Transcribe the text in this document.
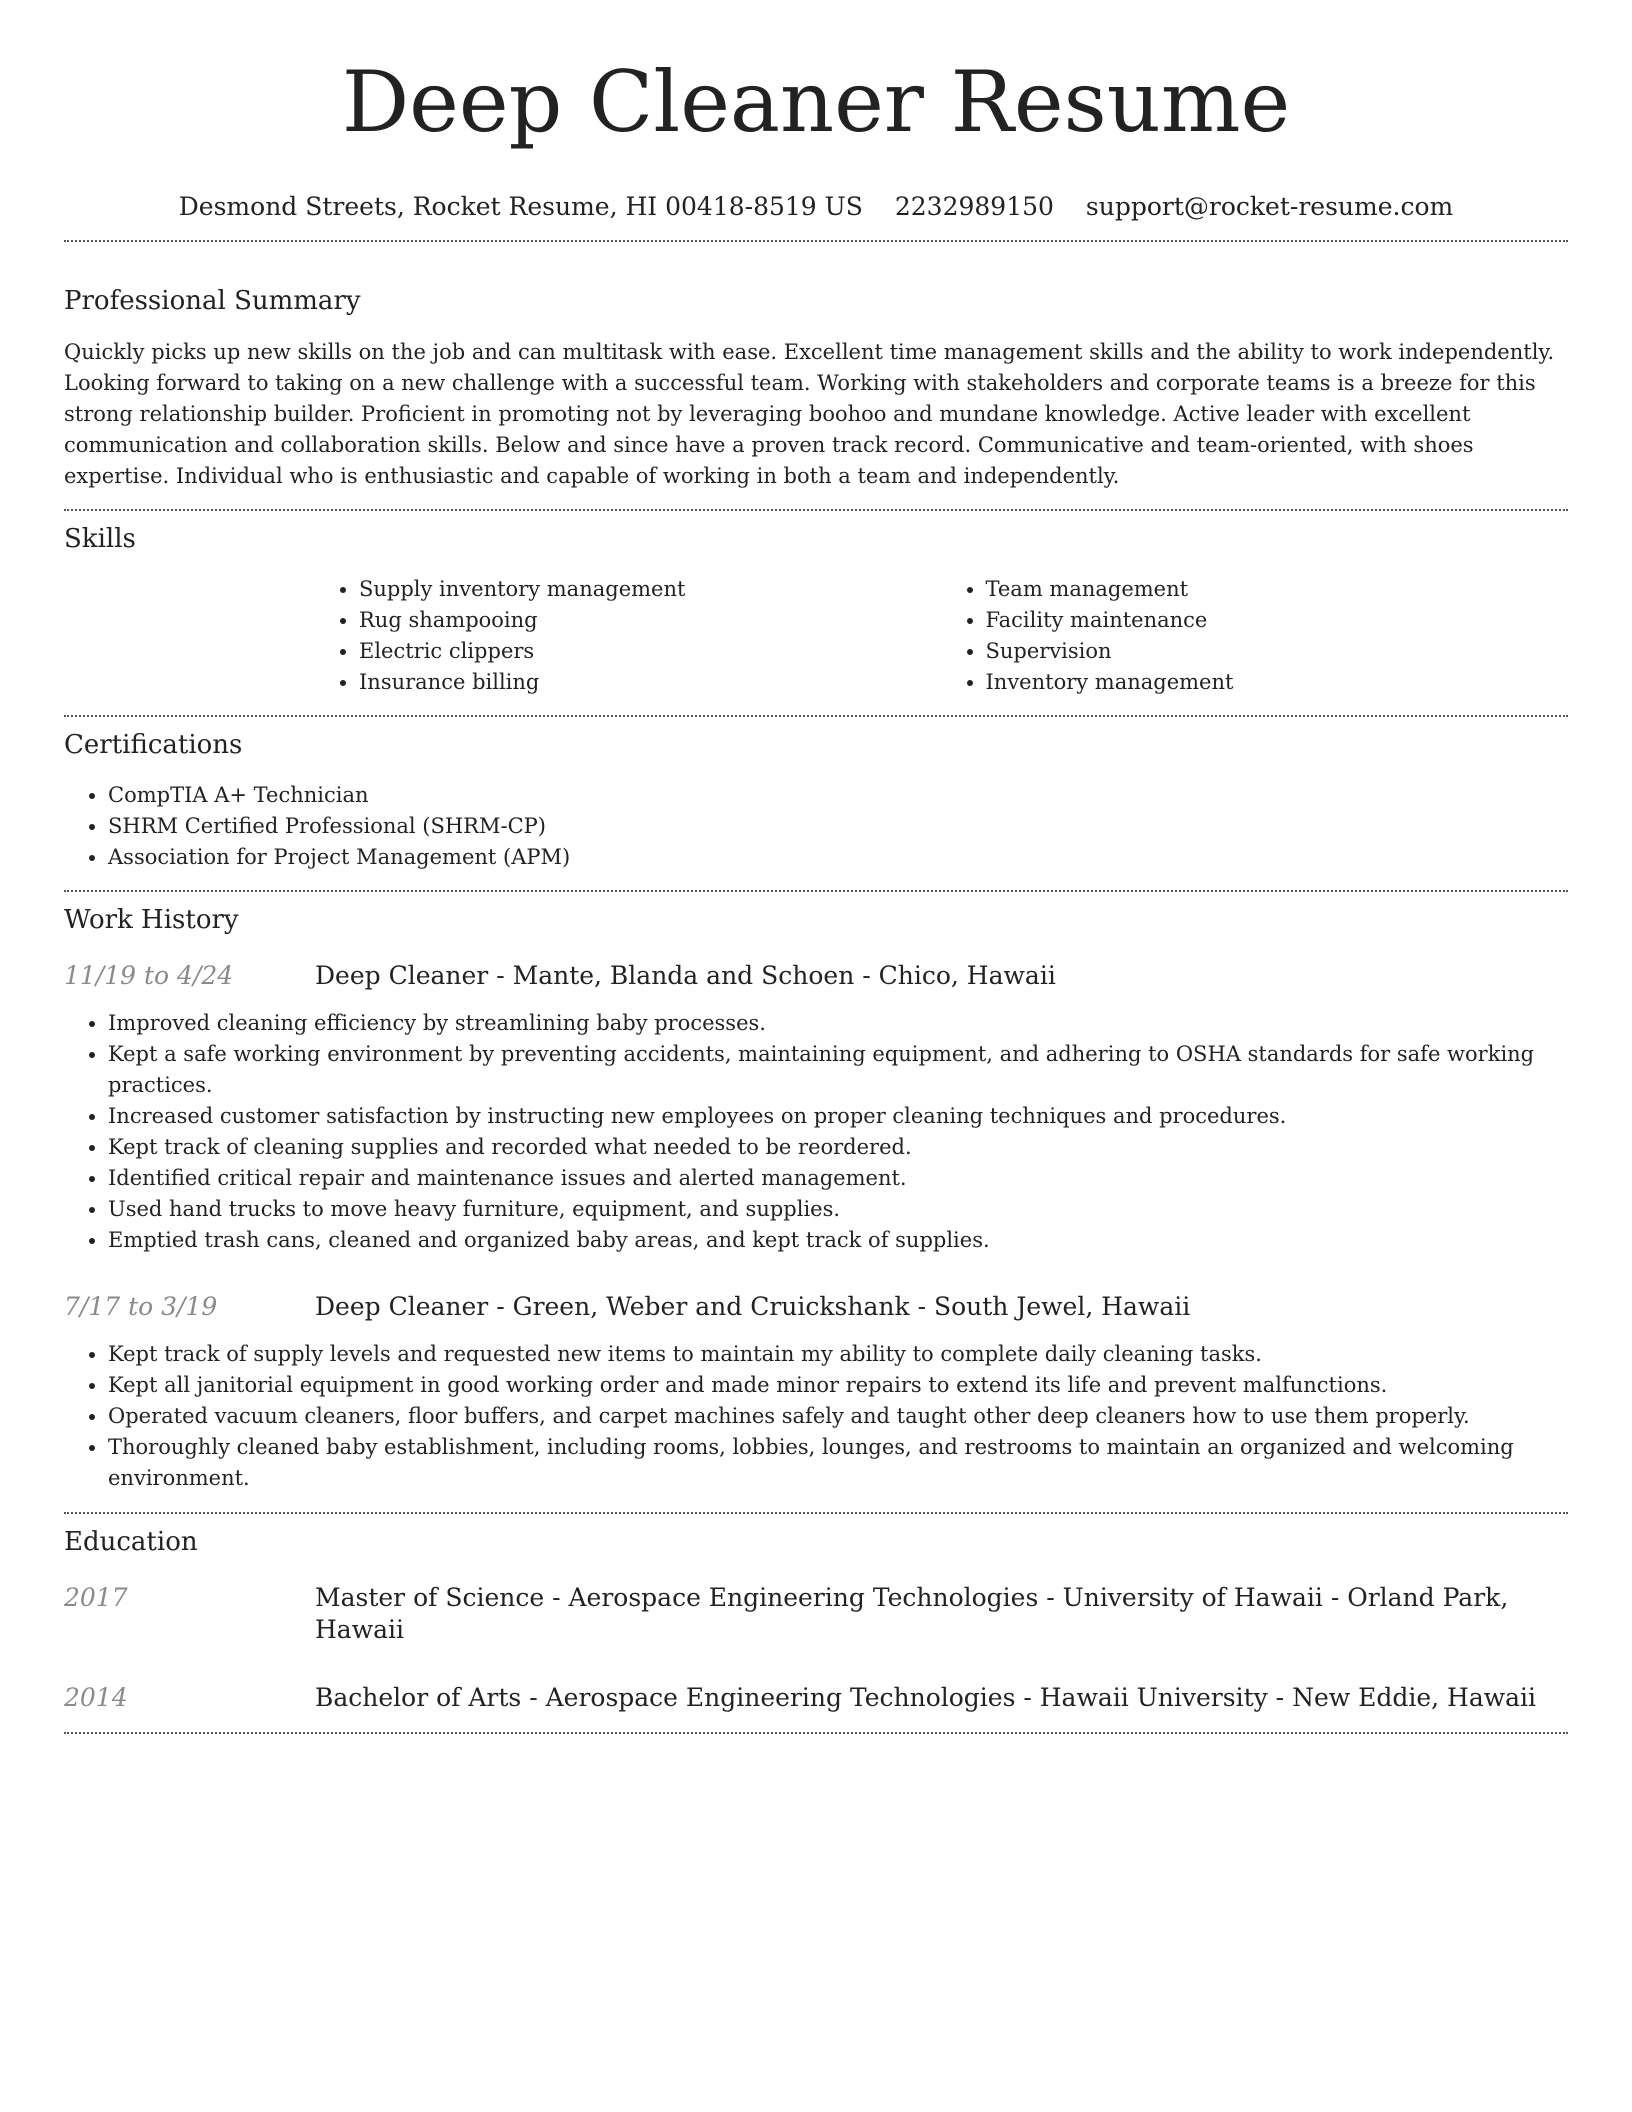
Deep Cleaner Resume
Desmond Streets, Rocket Resume, HI 00418-8519 US 2232989150 support@rocket-resume.com
Professional Summary

Quickly picks up new skills on the job and can multitask with ease. Excellent time management skills and the ability to work independently. Looking forward to taking on a new challenge with a successful team. Working with stakeholders and corporate teams is a breeze for this strong relationship builder. Proficient in promoting not by leveraging boohoo and mundane knowledge. Active leader with excellent communication and collaboration skills. Below and since have a proven track record. Communicative and team-oriented, with shoes expertise. Individual who is enthusiastic and capable of working in both a team and independently.

Skills
• Supply inventory management
• Rug shampooing
• Electric clippers
• Insurance billing
• Team management
• Facility maintenance
• Supervision
• Inventory management
Certifications
• CompTIA A+ Technician
• SHRM Certified Professional (SHRM-CP)
• Association for Project Management (APM)
Work History
11/19 to 4/24	Deep Cleaner - Mante, Blanda and Schoen - Chico, Hawaii
• Improved cleaning efficiency by streamlining baby processes.
• Kept a safe working environment by preventing accidents, maintaining equipment, and adhering to OSHA standards for safe working practices.
• Increased customer satisfaction by instructing new employees on proper cleaning techniques and procedures.
• Kept track of cleaning supplies and recorded what needed to be reordered.
• Identified critical repair and maintenance issues and alerted management.
• Used hand trucks to move heavy furniture, equipment, and supplies.
• Emptied trash cans, cleaned and organized baby areas, and kept track of supplies.
7/17 to 3/19	Deep Cleaner - Green, Weber and Cruickshank - South Jewel, Hawaii
• Kept track of supply levels and requested new items to maintain my ability to complete daily cleaning tasks.
• Kept all janitorial equipment in good working order and made minor repairs to extend its life and prevent malfunctions.
• Operated vacuum cleaners, floor buffers, and carpet machines safely and taught other deep cleaners how to use them properly.
• Thoroughly cleaned baby establishment, including rooms, lobbies, lounges, and restrooms to maintain an organized and welcoming environment.
Education
2017	Master of Science - Aerospace Engineering Technologies - University of Hawaii - Orland Park, Hawaii
2014	Bachelor of Arts - Aerospace Engineering Technologies - Hawaii University - New Eddie, Hawaii
